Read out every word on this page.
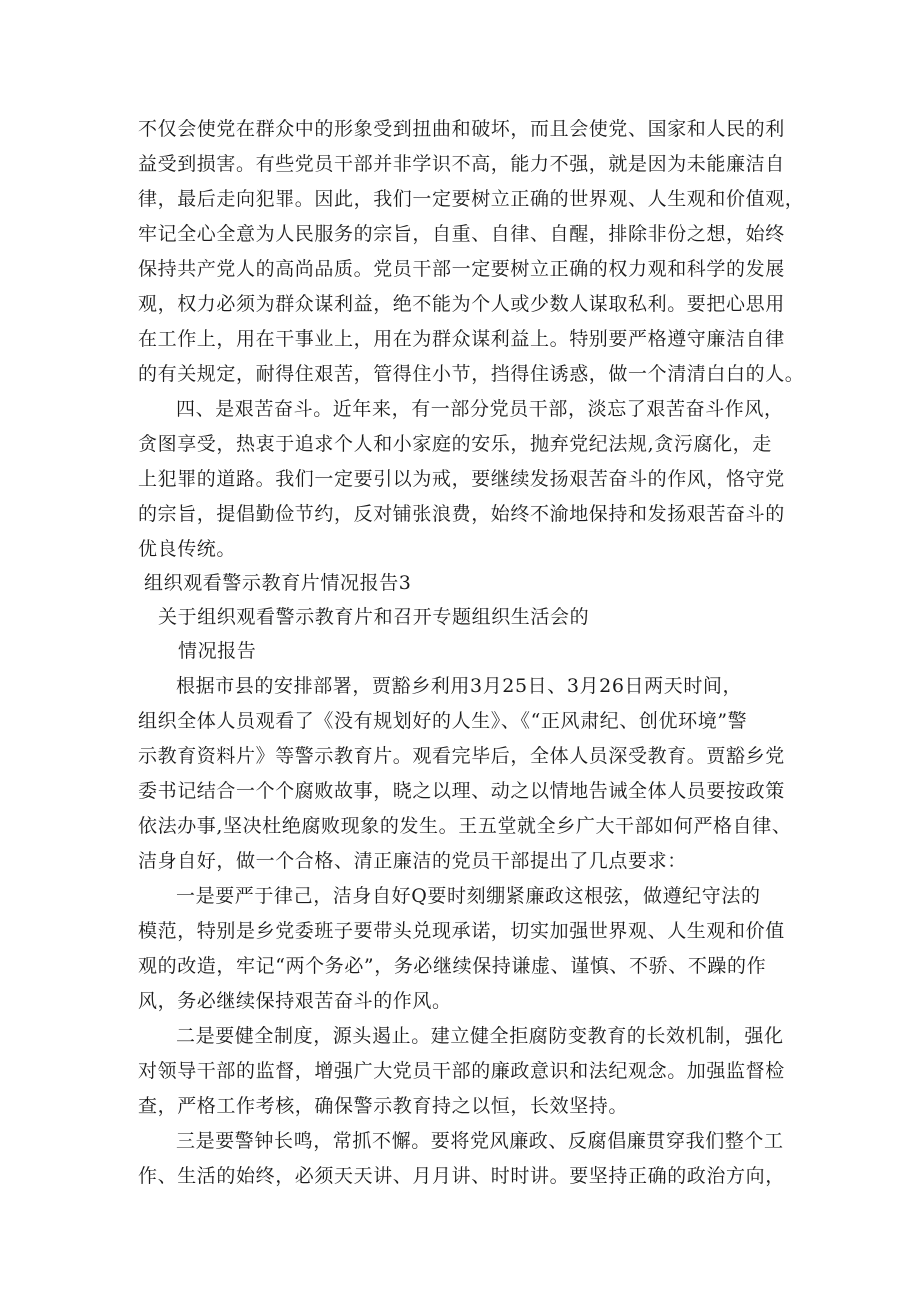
不仅会使党在群众中的形象受到扭曲和破坏，而且会使党、国家和人民的利
益受到损害。有些党员干部并非学识不高，能力不强，就是因为未能廉洁自
律，最后走向犯罪。因此，我们一定要树立正确的世界观、人生观和价值观，
牢记全心全意为人民服务的宗旨，自重、自律、自醒，排除非份之想，始终
保持共产党人的高尚品质。党员干部一定要树立正确的权力观和科学的发展
观，权力必须为群众谋利益，绝不能为个人或少数人谋取私利。要把心思用
在工作上，用在干事业上，用在为群众谋利益上。特别要严格遵守廉洁自律
的有关规定，耐得住艰苦，管得住小节，挡得住诱惑，做一个清清白白的人。
四、是艰苦奋斗。近年来，有一部分党员干部，淡忘了艰苦奋斗作风，
贪图享受，热衷于追求个人和小家庭的安乐，抛弃党纪法规,贪污腐化，走
上犯罪的道路。我们一定要引以为戒，要继续发扬艰苦奋斗的作风，恪守党
的宗旨，提倡勤俭节约，反对铺张浪费，始终不渝地保持和发扬艰苦奋斗的
优良传统。
组织观看警示教育片情况报告3
关于组织观看警示教育片和召开专题组织生活会的
情况报告
根据市县的安排部署，贾豁乡利用3月25日、3月26日两天时间，
组织全体人员观看了《没有规划好的人生》、《“正风肃纪、创优环境”警
示教育资料片》等警示教育片。观看完毕后，全体人员深受教育。贾豁乡党
委书记结合一个个腐败故事，晓之以理、动之以情地告诫全体人员要按政策
依法办事,坚决杜绝腐败现象的发生。王五堂就全乡广大干部如何严格自律、
洁身自好，做一个合格、清正廉洁的党员干部提出了几点要求：
一是要严于律己，洁身自好Q要时刻绷紧廉政这根弦，做遵纪守法的
模范，特别是乡党委班子要带头兑现承诺，切实加强世界观、人生观和价值
观的改造，牢记“两个务必”，务必继续保持谦虚、谨慎、不骄、不躁的作
风，务必继续保持艰苦奋斗的作风。
二是要健全制度，源头遏止。建立健全拒腐防变教育的长效机制，强化
对领导干部的监督，增强广大党员干部的廉政意识和法纪观念。加强监督检
查，严格工作考核，确保警示教育持之以恒，长效坚持。
三是要警钟长鸣，常抓不懈。要将党风廉政、反腐倡廉贯穿我们整个工
作、生活的始终，必须天天讲、月月讲、时时讲。要坚持正确的政治方向，
